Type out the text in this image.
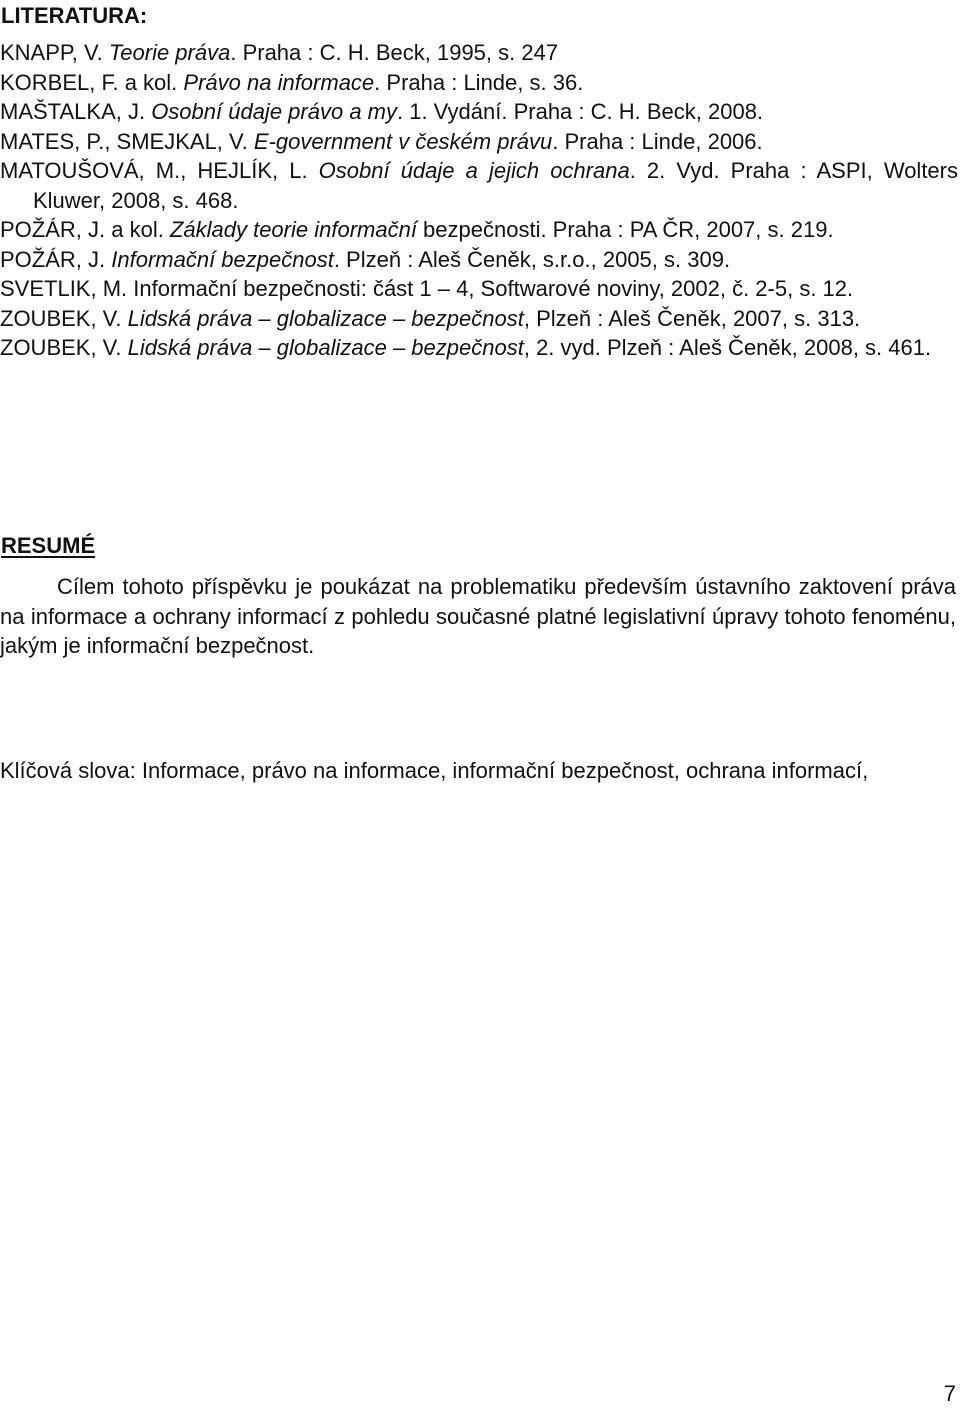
LITERATURA:
KNAPP, V. Teorie práva. Praha : C. H. Beck, 1995, s. 247
KORBEL, F. a kol. Právo na informace. Praha : Linde, s. 36.
MAŠTALKA, J. Osobní údaje právo a my. 1. Vydání. Praha : C. H. Beck, 2008.
MATES, P., SMEJKAL, V. E-government v českém právu. Praha : Linde, 2006.
MATOUŠOVÁ, M., HEJLÍK, L. Osobní údaje a jejich ochrana. 2. Vyd. Praha : ASPI, Wolters Kluwer, 2008, s. 468.
POŽÁR, J. a kol. Základy teorie informační bezpečnosti. Praha : PA ČR, 2007, s. 219.
POŽÁR, J. Informační bezpečnost. Plzeň : Aleš Čeněk, s.r.o., 2005, s. 309.
SVETLIK, M. Informační bezpečnosti: část 1 – 4, Softwarové noviny, 2002, č. 2-5, s. 12.
ZOUBEK, V. Lidská práva – globalizace – bezpečnost, Plzeň : Aleš Čeněk, 2007, s. 313.
ZOUBEK, V. Lidská práva – globalizace – bezpečnost, 2. vyd. Plzeň : Aleš Čeněk, 2008, s. 461.
RESUMÉ

Cílem tohoto příspěvku je poukázat na problematiku především ústavního zaktovení práva na informace a ochrany informací z pohledu současné platné legislativní úpravy tohoto fenoménu, jakým je informační bezpečnost.

Klíčová slova: Informace, právo na informace, informační bezpečnost, ochrana informací,

7
